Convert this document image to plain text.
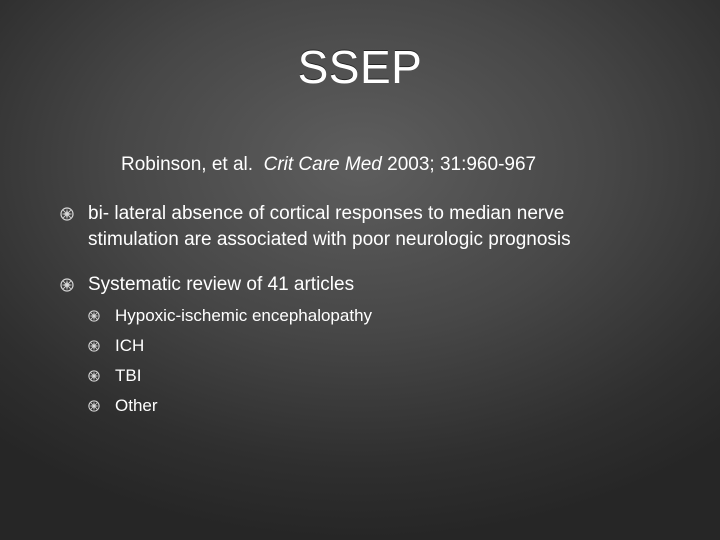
SSEP
Robinson, et al. Crit Care Med 2003; 31:960-967
bi- lateral absence of cortical responses to median nerve
stimulation are associated with poor neurologic prognosis
Systematic review of 41 articles
Hypoxic-ischemic encephalopathy
ICH
TBI
Other
